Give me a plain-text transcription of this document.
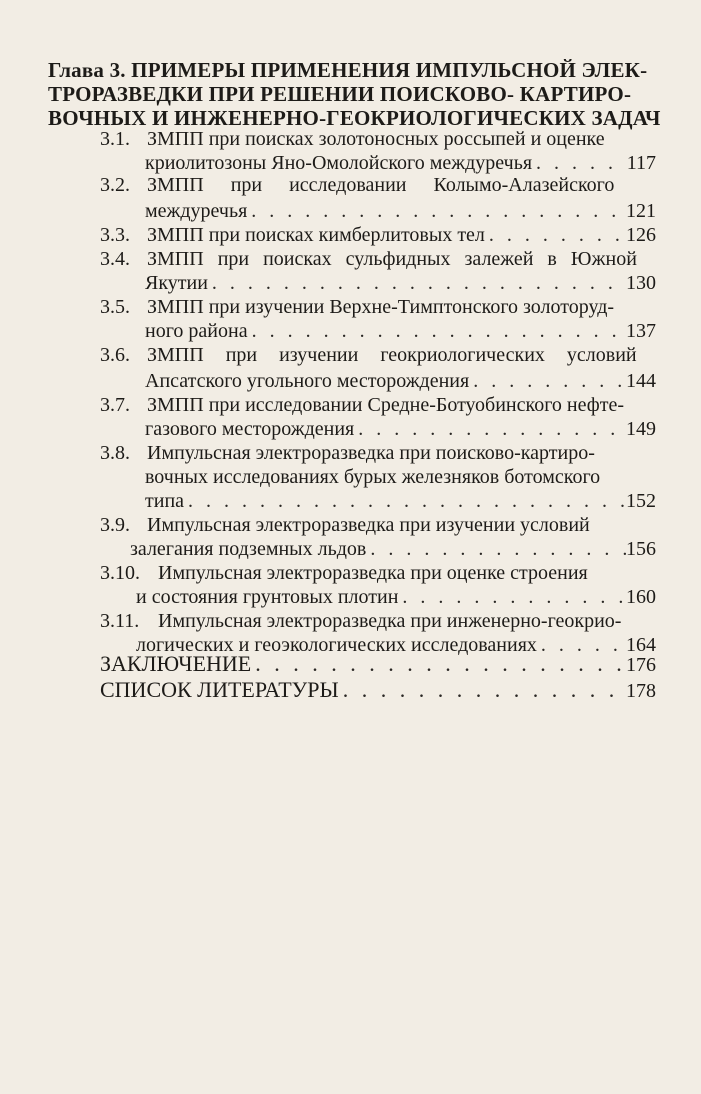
Глава 3. ПРИМЕРЫ ПРИМЕНЕНИЯ ИМПУЛЬСНОЙ ЭЛЕК-
ТРОРАЗВЕДКИ ПРИ РЕШЕНИИ ПОИСКОВО- КАРТИРО-
ВОЧНЫХ И ИНЖЕНЕРНО-ГЕОКРИОЛОГИЧЕСКИХ ЗАДАЧ
3.1. ЗМПП при поисках золотоносных россыпей и оценке
криолитозоны Яно-Омолойского междуречья . . .	117
3.2. ЗМПП при исследовании Колымо-Алазейского
междуречья . . .	121
3.3. ЗМПП при поисках кимберлитовых тел . . .	126
3.4. ЗМПП при поисках сульфидных залежей в Южной
Якутии . . .	130
3.5. ЗМПП при изучении Верхне-Тимптонского золоторуд-
ного района . . .	137
3.6. ЗМПП при изучении геокриологических условий
Апсатского угольного месторождения . . .	144
3.7. ЗМПП при исследовании Средне-Ботуобинского нефте-
газового месторождения . . .	149
3.8. Импульсная электроразведка при поисково-картиро-
вочных исследованиях бурых железняков ботомского
типа . . .	152
3.9. Импульсная электроразведка при изучении условий
залегания подземных льдов . . .	156
3.10. Импульсная электроразведка при оценке строения
и состояния грунтовых плотин . . .	160
3.11. Импульсная электроразведка при инженерно-геокрио-
логических и геоэкологических исследованиях . . .	164
ЗАКЛЮЧЕНИЕ . . .	176
СПИСОК ЛИТЕРАТУРЫ . . .	178
